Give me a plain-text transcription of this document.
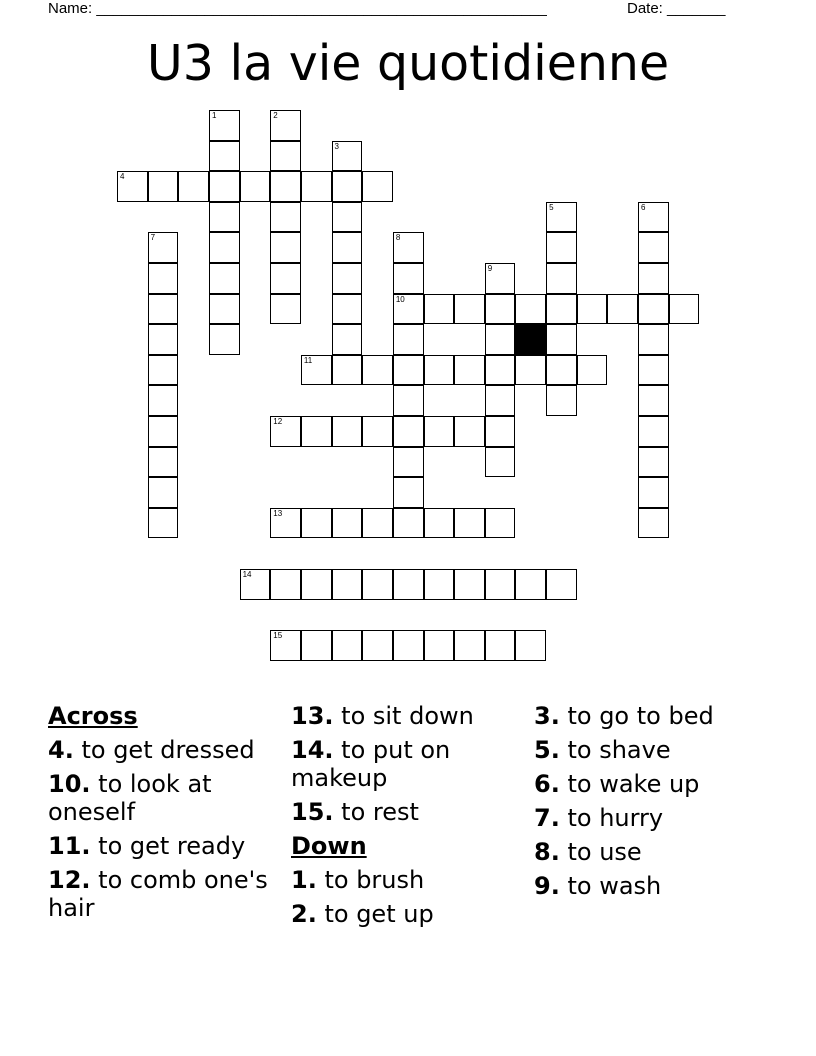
Name: ______________________________________________________	Date: _______
U3 la vie quotidienne
4
10
11
12
13
14
15
1	2
3
5	6
7	8
9
Across
4. to get dressed
10. to look at oneself
11. to get ready
12. to comb one's hair
13. to sit down
14. to put on makeup
15. to rest
Down
1. to brush
2. to get up
3. to go to bed
5. to shave
6. to wake up
7. to hurry
8. to use
9. to wash
